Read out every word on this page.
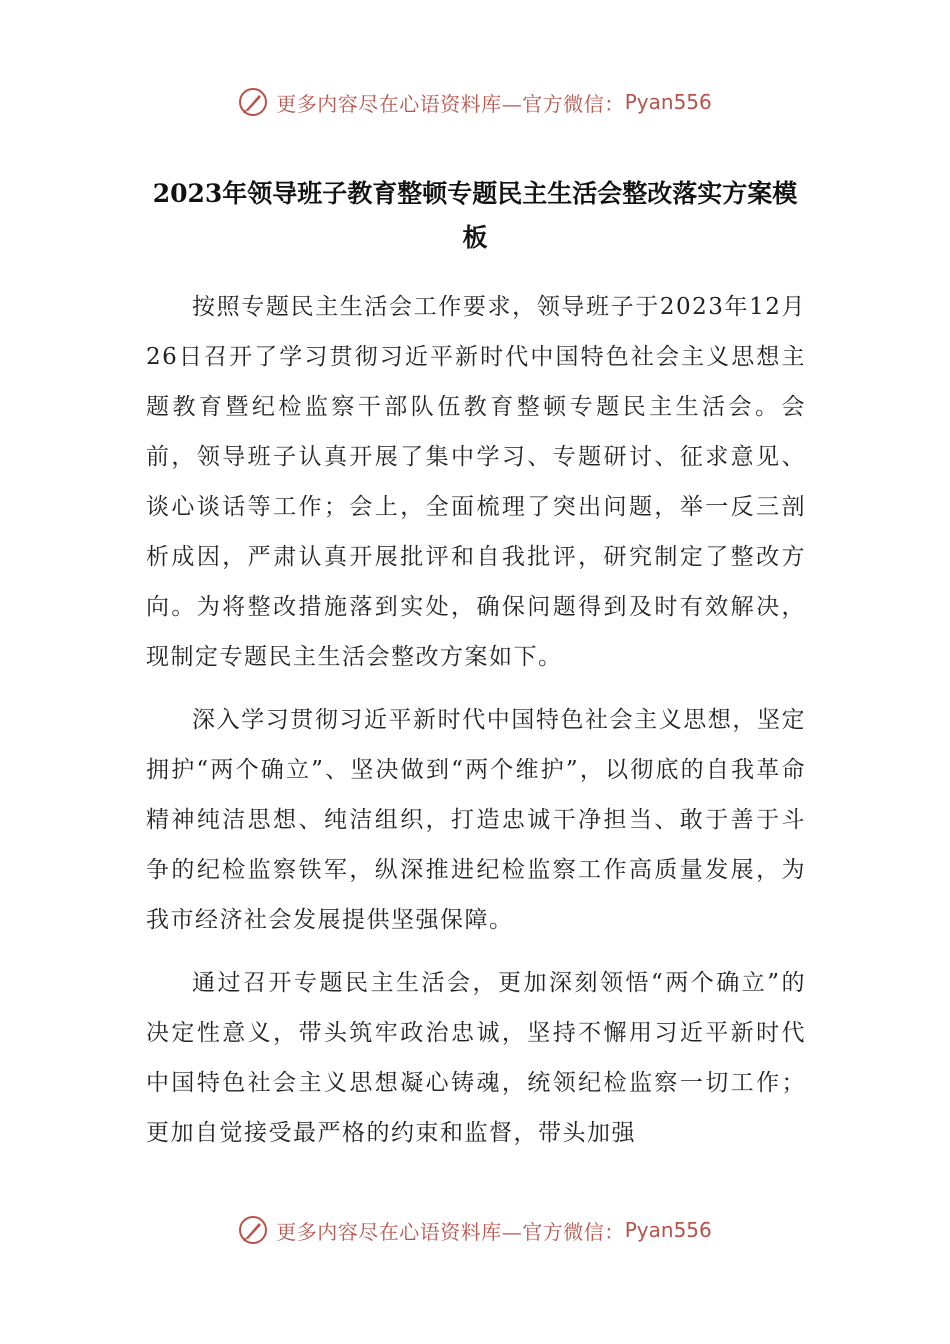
更多内容尽在心语资料库—官方微信： Pyan556
2023年领导班子教育整顿专题民主生活会整改落实方案模板

按照专题民主生活会工作要求，领导班子于2023年12月26日召开了学习贯彻习近平新时代中国特色社会主义思想主题教育暨纪检监察干部队伍教育整顿专题民主生活会。会前，领导班子认真开展了集中学习、专题研讨、征求意见、谈心谈话等工作；会上，全面梳理了突出问题，举一反三剖析成因，严肃认真开展批评和自我批评，研究制定了整改方向。为将整改措施落到实处，确保问题得到及时有效解决，现制定专题民主生活会整改方案如下。

深入学习贯彻习近平新时代中国特色社会主义思想，坚定拥护“两个确立”、坚决做到“两个维护”，以彻底的自我革命精神纯洁思想、纯洁组织，打造忠诚干净担当、敢于善于斗争的纪检监察铁军，纵深推进纪检监察工作高质量发展，为我市经济社会发展提供坚强保障。

通过召开专题民主生活会，更加深刻领悟“两个确立”的决定性意义，带头筑牢政治忠诚，坚持不懈用习近平新时代中国特色社会主义思想凝心铸魂，统领纪检监察一切工作；更加自觉接受最严格的约束和监督，带头加强

更多内容尽在心语资料库—官方微信： Pyan556
